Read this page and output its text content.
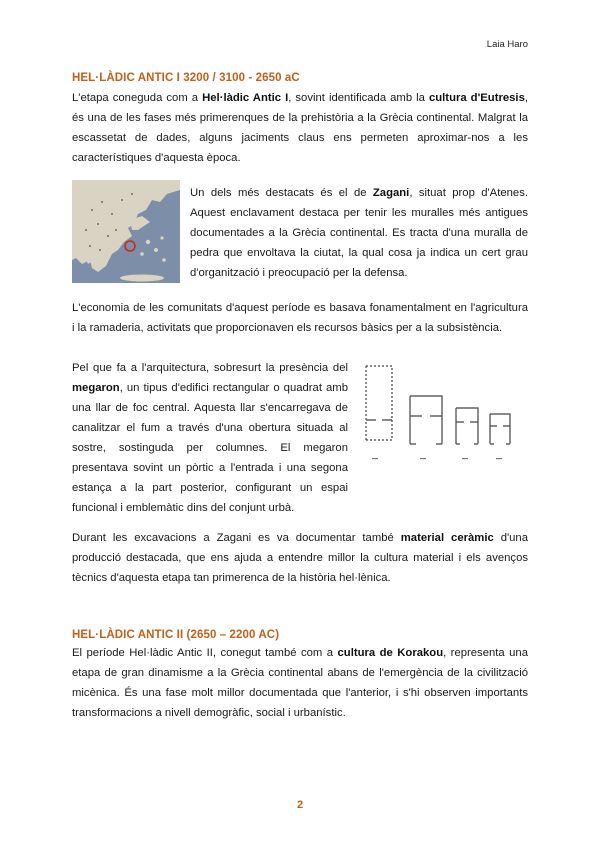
Laia Haro
HEL·LÀDIC ANTIC I 3200 / 3100 - 2650 aC

L'etapa coneguda com a Hel·làdic Antic I, sovint identificada amb la cultura d'Eutresis, és una de les fases més primerenques de la prehistòria a la Grècia continental. Malgrat la escassetat de dades, alguns jaciments claus ens permeten aproximar-nos a les característiques d'aquesta època.

Un dels més destacats és el de Zagani, situat prop d'Atenes. Aquest enclavament destaca per tenir les muralles més antigues documentades a la Grècia continental. Es tracta d'una muralla de pedra que envoltava la ciutat, la qual cosa ja indica un cert grau d'organització i preocupació per la defensa.

L'economia de les comunitats d'aquest període es basava fonamentalment en l'agricultura i la ramaderia, activitats que proporcionaven els recursos bàsics per a la subsistència.

Pel que fa a l'arquitectura, sobresurt la presència del megaron, un tipus d'edifici rectangular o quadrat amb una llar de foc central. Aquesta llar s'encarregava de canalitzar el fum a través d'una obertura situada al sostre, sostinguda per columnes. El megaron presentava sovint un pòrtic a l'entrada i una segona estança a la part posterior, configurant un espai funcional i emblemàtic dins del conjunt urbà.

Durant les excavacions a Zagani es va documentar també material ceràmic d'una producció destacada, que ens ajuda a entendre millor la cultura material i els avenços tècnics d'aquesta etapa tan primerenca de la història hel·lènica.

HEL·LÀDIC ANTIC II (2650 – 2200 AC)

El període Hel·làdic Antic II, conegut també com a cultura de Korakou, representa una etapa de gran dinamisme a la Grècia continental abans de l'emergència de la civilització micènica. És una fase molt millor documentada que l'anterior, i s'hi observen importants transformacions a nivell demogràfic, social i urbanístic.

2
